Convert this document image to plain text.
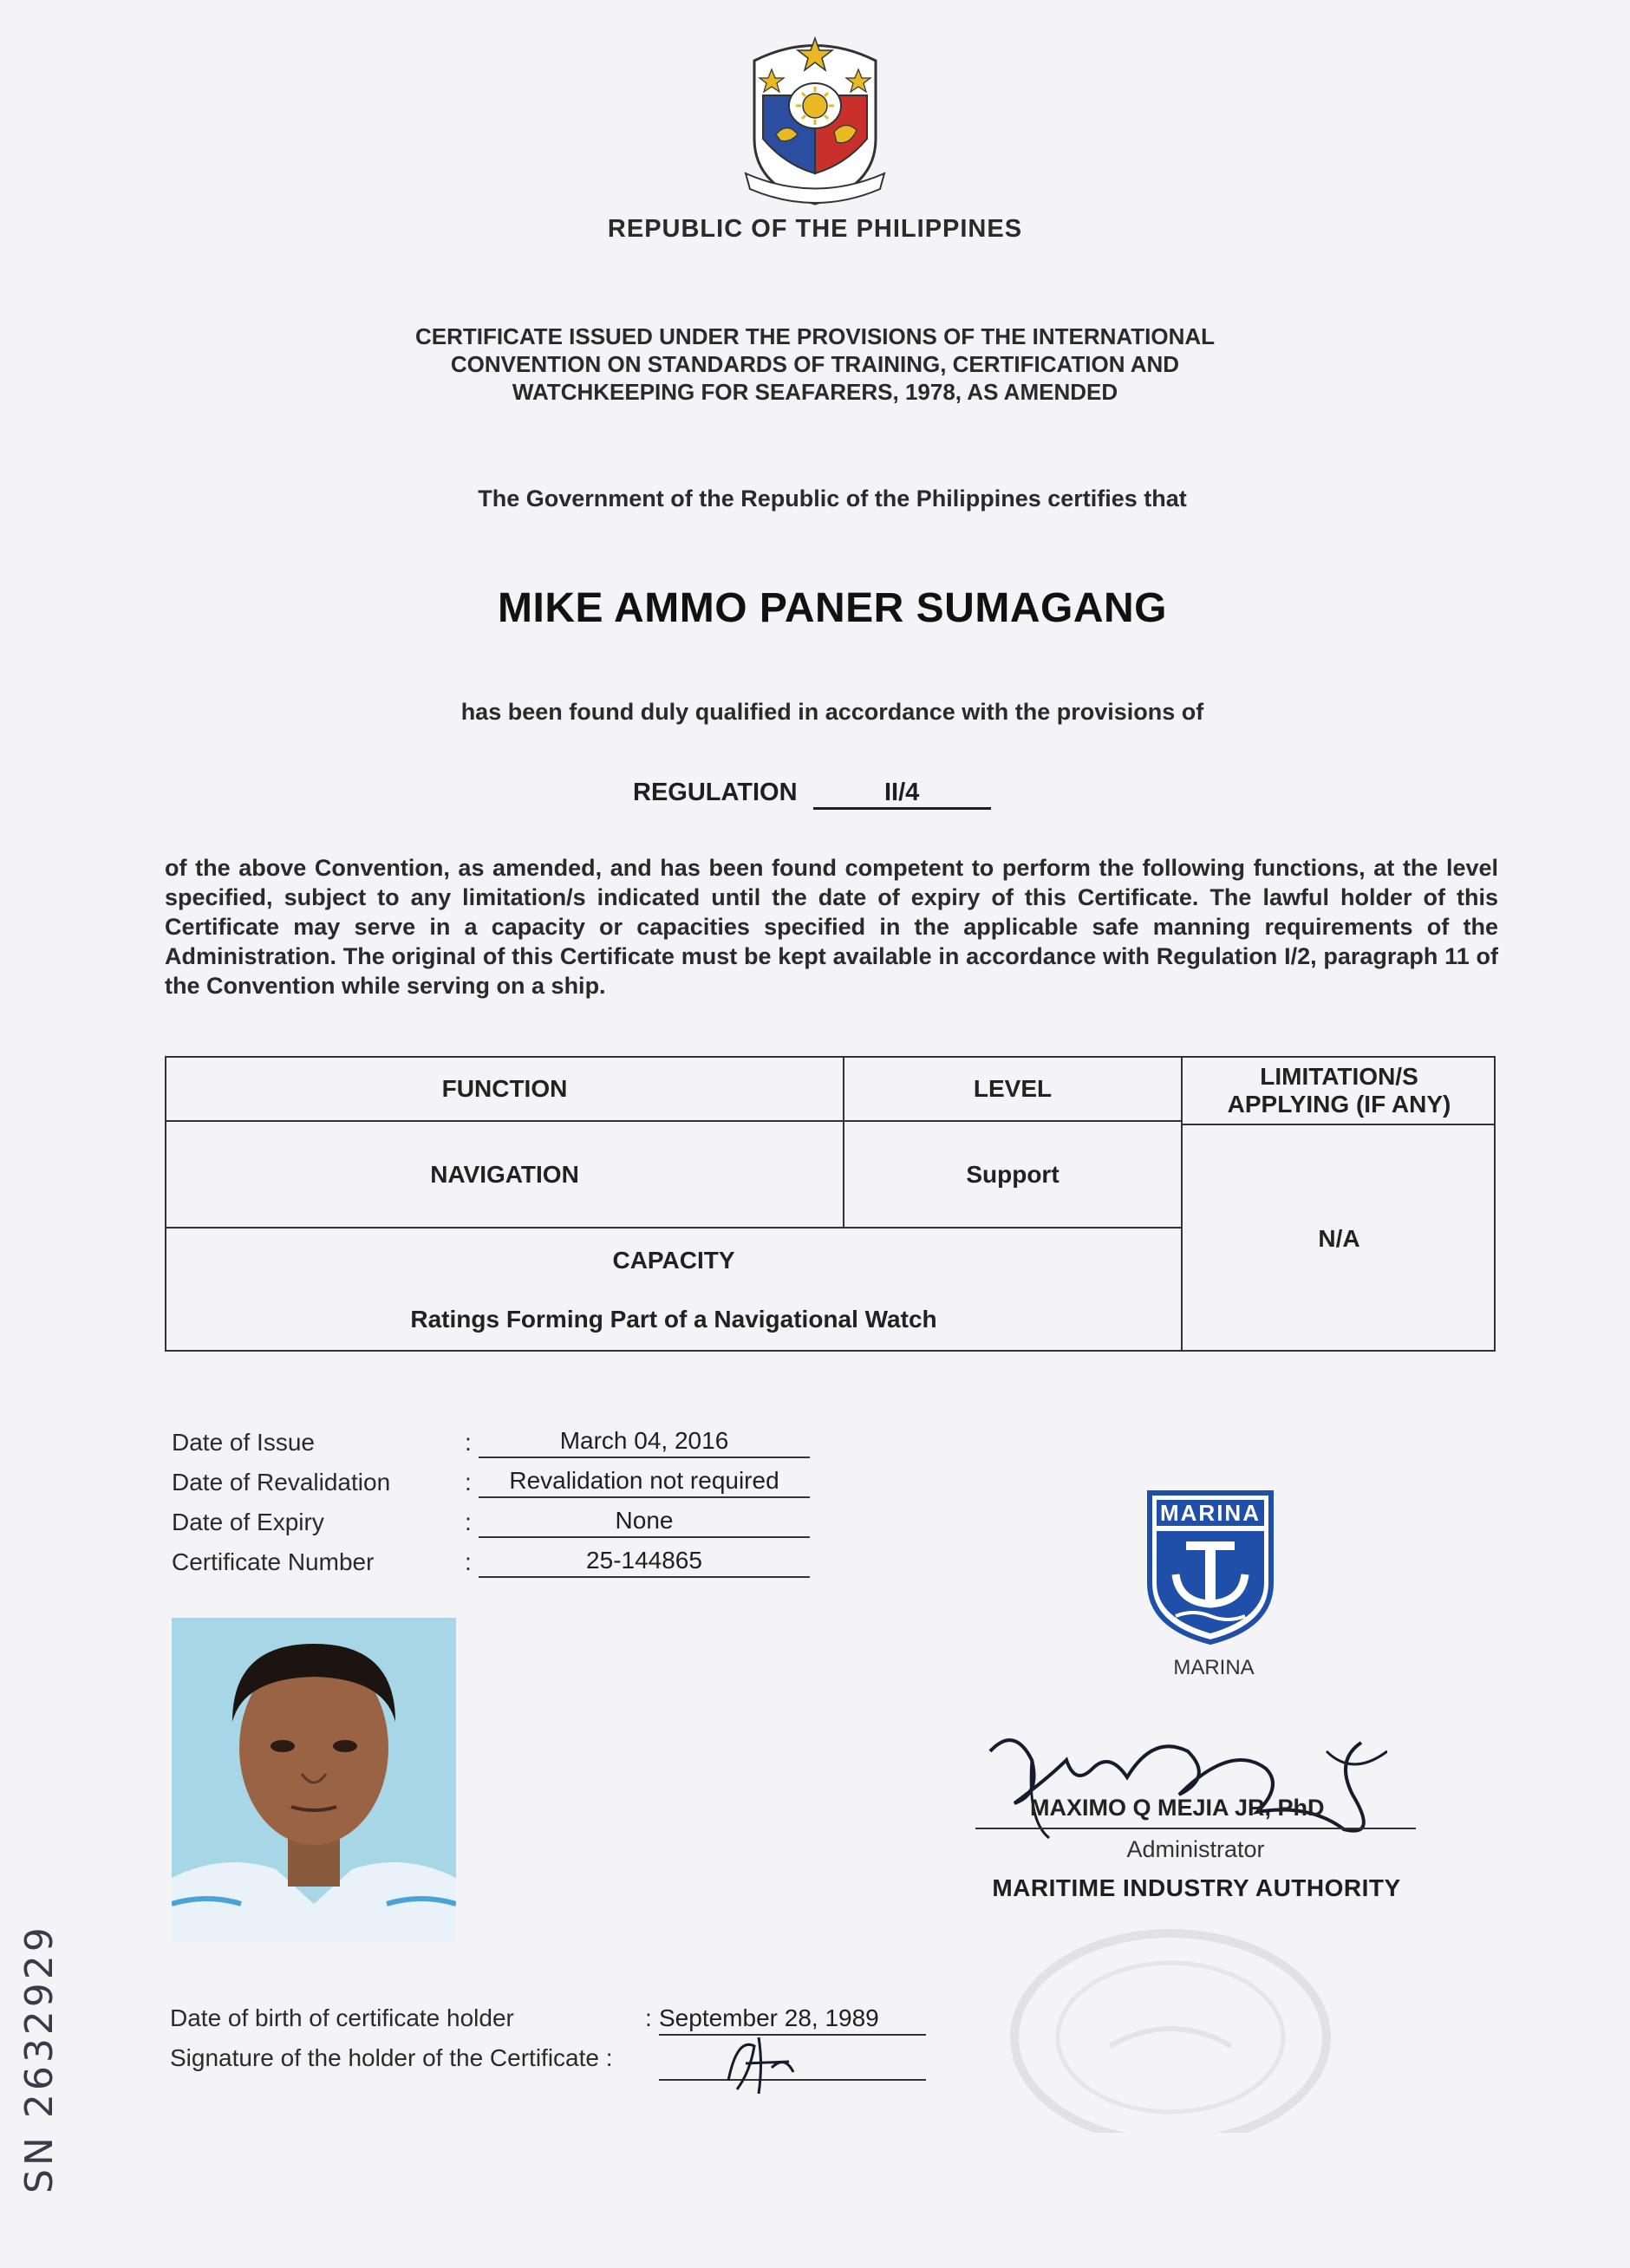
REPUBLIC OF THE PHILIPPINES
CERTIFICATE ISSUED UNDER THE PROVISIONS OF THE INTERNATIONAL
CONVENTION ON STANDARDS OF TRAINING, CERTIFICATION AND
WATCHKEEPING FOR SEAFARERS, 1978, AS AMENDED
The Government of the Republic of the Philippines certifies that
MIKE AMMO PANER SUMAGANG
has been found duly qualified in accordance with the provisions of
REGULATION	II/4
of the above Convention, as amended, and has been found competent to perform the following functions, at the level specified, subject to any limitation/s indicated until the date of expiry of this Certificate. The lawful holder of this Certificate may serve in a capacity or capacities specified in the applicable safe manning requirements of the Administration. The original of this Certificate must be kept available in accordance with Regulation I/2, paragraph 11 of the Convention while serving on a ship.
FUNCTION	LEVEL	LIMITATION/S
APPLYING (IF ANY)
NAVIGATION	Support
N/A
CAPACITY
Ratings Forming Part of a Navigational Watch
Date of Issue	:	March 04, 2016
Date of Revalidation	:	Revalidation not required
Date of Expiry	:	None
Certificate Number	:	25-144865
MARINA
MARINA
MAXIMO Q MEJIA JR, PhD
Administrator
MARITIME INDUSTRY AUTHORITY
Date of birth of certificate holder	: September 28, 1989
Signature of the holder of the Certificate :
SN 2632929
